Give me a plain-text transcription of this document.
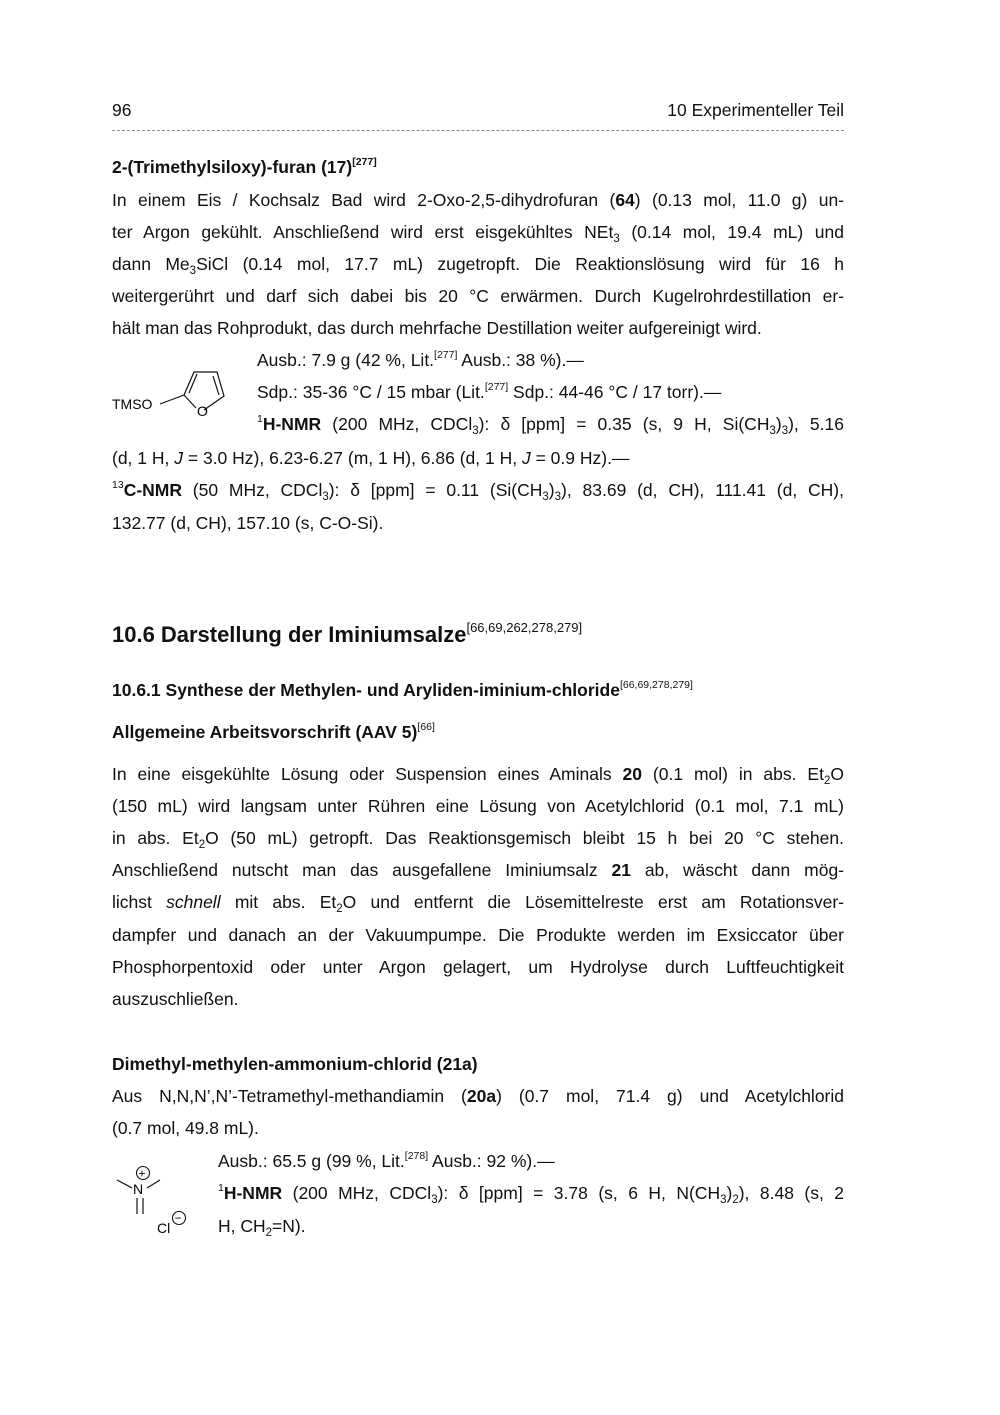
96	10 Experimenteller Teil
2-(Trimethylsiloxy)-furan (17)[277]
In einem Eis / Kochsalz Bad wird 2-Oxo-2,5-dihydrofuran (64) (0.13 mol, 11.0 g) un-
ter Argon gekühlt. Anschließend wird erst eisgekühltes NEt$_3$ (0.14 mol, 19.4 mL) und
dann $Me_3SiCl$ (0.14 mol, 17.7 mL) zugetropft. Die Reaktionslösung wird für 16 h
weitergerührt und darf sich dabei bis 20 °C erwärmen. Durch Kugelrohrdestillation er-
hält man das Rohprodukt, das durch mehrfache Destillation weiter aufgereinigt wird.
TMSO	O
Ausb.: 7.9 g (42 %, Lit.[277] Ausb.: 38 %).—
Sdp.: 35-36 °C / 15 mbar (Lit.[277] Sdp.: 44-46 °C / 17 torr).—
$^1$H-NMR (200 MHz, CDCl$_3$): δ [ppm] = 0.35 (s, 9 H, $Si(CH_3)_3$), 5.16
(d, 1 H, J = 3.0 Hz), 6.23-6.27 (m, 1 H), 6.86 (d, 1 H, J = 0.9 Hz).—
$^{13}$C-NMR (50 MHz, CDCl$_3$): δ [ppm] = 0.11 $(Si(CH_3)_3)$, 83.69 (d, CH), 111.41 (d, CH),
132.77 (d, CH), 157.10 (s, C-O-Si).
10.6 Darstellung der Iminiumsalze[66,69,262,278,279]
10.6.1 Synthese der Methylen- und Aryliden-iminium-chloride[66,69,278,279]
Allgemeine Arbeitsvorschrift (AAV 5)[66]
In eine eisgekühlte Lösung oder Suspension eines Aminals 20 (0.1 mol) in abs. $Et_2O$
(150 mL) wird langsam unter Rühren eine Lösung von Acetylchlorid (0.1 mol, 7.1 mL)
in abs. $Et_2O$ (50 mL) getropft. Das Reaktionsgemisch bleibt 15 h bei 20 °C stehen.
Anschließend nutscht man das ausgefallene Iminiumsalz 21 ab, wäscht dann mög-
lichst schnell mit abs. $Et_2O$ und entfernt die Lösemittelreste erst am Rotationsver-
dampfer und danach an der Vakuumpumpe. Die Produkte werden im Exsiccator über
Phosphorpentoxid oder unter Argon gelagert, um Hydrolyse durch Luftfeuchtigkeit
auszuschließen.
Dimethyl-methylen-ammonium-chlorid (21a)
Aus N,N,N’,N’-Tetramethyl-methandiamin (20a) (0.7 mol, 71.4 g) und Acetylchlorid
(0.7 mol, 49.8 mL).
+
N
Cl
−
Ausb.: 65.5 g (99 %, Lit.[278] Ausb.: 92 %).—
$^1$H-NMR (200 MHz, CDCl$_3$): δ [ppm] = 3.78 (s, 6 H, $N(CH_3)_2$), 8.48 (s, 2
H, $CH_2=N$).
